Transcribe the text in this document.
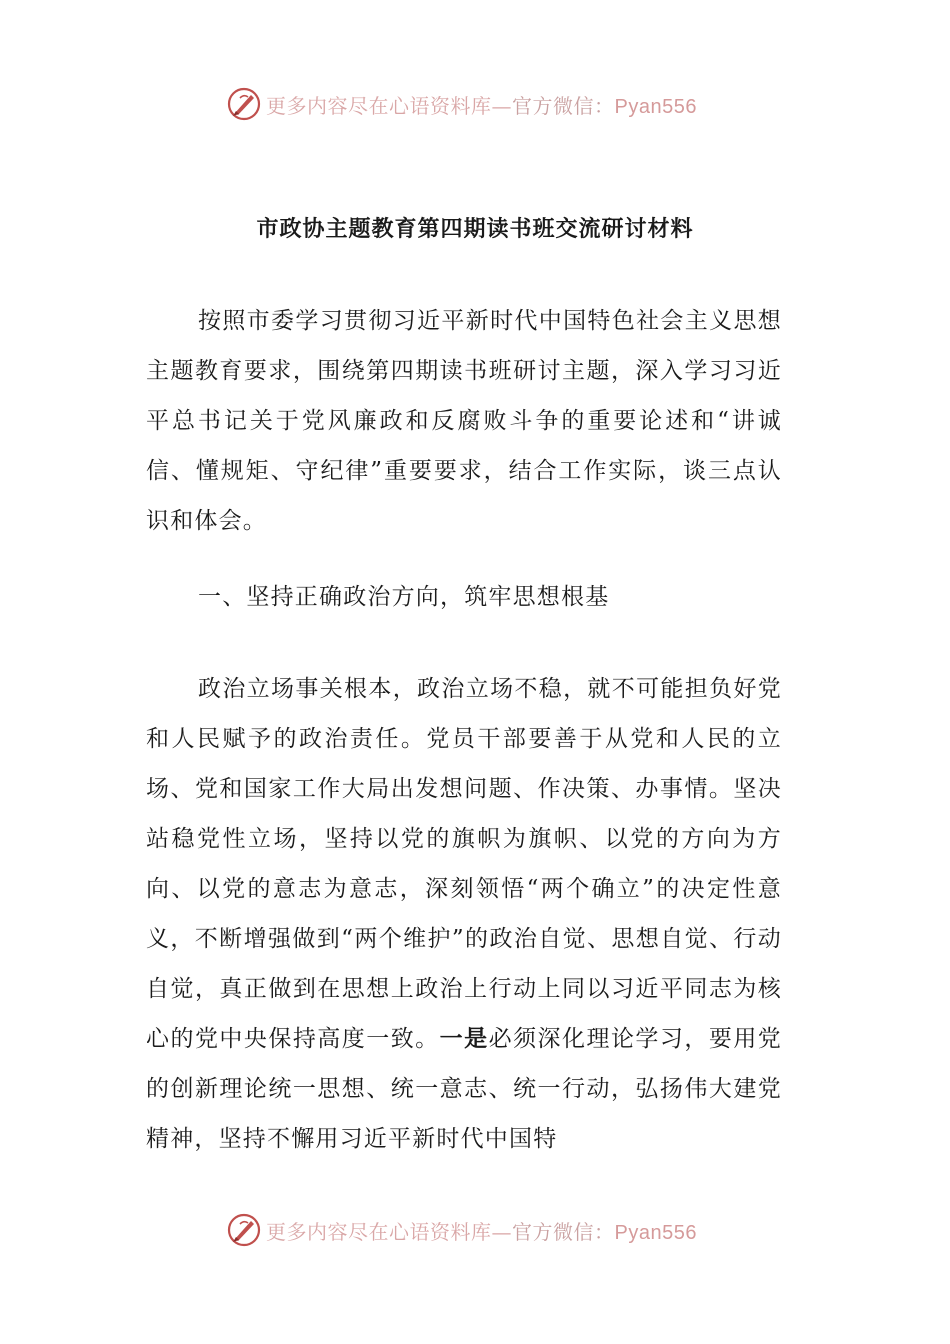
更多内容尽在心语资料库—官方微信：Pyan556
市政协主题教育第四期读书班交流研讨材料

按照市委学习贯彻习近平新时代中国特色社会主义思想主题教育要求，围绕第四期读书班研讨主题，深入学习习近平总书记关于党风廉政和反腐败斗争的重要论述和“讲诚信、懂规矩、守纪律”重要要求，结合工作实际，谈三点认识和体会。

一、坚持正确政治方向，筑牢思想根基

政治立场事关根本，政治立场不稳，就不可能担负好党和人民赋予的政治责任。党员干部要善于从党和人民的立场、党和国家工作大局出发想问题、作决策、办事情。坚决站稳党性立场，坚持以党的旗帜为旗帜、以党的方向为方向、以党的意志为意志，深刻领悟“两个确立”的决定性意义，不断增强做到“两个维护”的政治自觉、思想自觉、行动自觉，真正做到在思想上政治上行动上同以习近平同志为核心的党中央保持高度一致。一是必须深化理论学习，要用党的创新理论统一思想、统一意志、统一行动，弘扬伟大建党精神，坚持不懈用习近平新时代中国特

更多内容尽在心语资料库—官方微信：Pyan556
